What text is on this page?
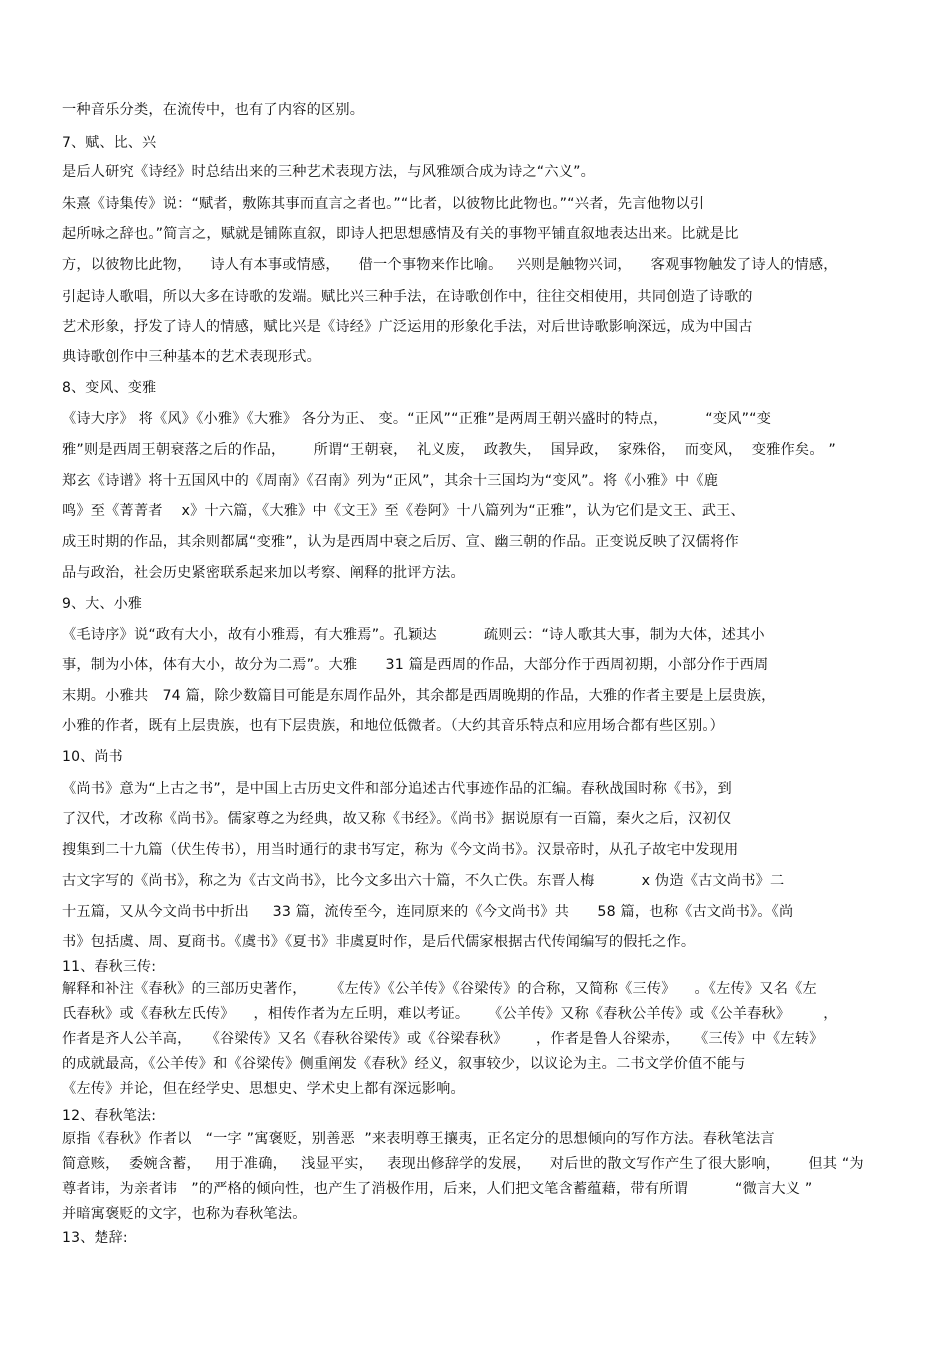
一种音乐分类，在流传中，也有了内容的区别。
7、赋、比、兴
是后人研究《诗经》时总结出来的三种艺术表现方法，与风雅颂合成为诗之“六义”。
朱熹《诗集传》说：“赋者，敷陈其事而直言之者也。”“比者，以彼物比此物也。”“兴者，先言他物以引
起所咏之辞也。”简言之，赋就是铺陈直叙，即诗人把思想感情及有关的事物平铺直叙地表达出来。比就是比
方，以彼物比此物，    诗人有本事或情感，    借一个事物来作比喻。   兴则是触物兴词，    客观事物触发了诗人的情感，
引起诗人歌唱，所以大多在诗歌的发端。赋比兴三种手法，在诗歌创作中，往往交相使用，共同创造了诗歌的
艺术形象，抒发了诗人的情感，赋比兴是《诗经》广泛运用的形象化手法，对后世诗歌影响深远，成为中国古
典诗歌创作中三种基本的艺术表现形式。
8、变风、变雅
《诗大序》 将《风》《小雅》《大雅》 各分为正、 变。“正风”“正雅”是两周王朝兴盛时的特点，        “变风”“变
雅”则是西周王朝衰落之后的作品，      所谓“王朝衰，  礼义废，  政教失，  国异政，  家殊俗，  而变风，  变雅作矣。 ”
郑玄《诗谱》将十五国风中的《周南》《召南》列为“正风”，其余十三国均为“变风”。将《小雅》中《鹿
鸣》至《菁菁者    x》十六篇，《大雅》中《文王》至《卷阿》十八篇列为“正雅”，认为它们是文王、武王、
成王时期的作品，其余则都属“变雅”，认为是西周中衰之后厉、宣、幽三朝的作品。正变说反映了汉儒将作
品与政治，社会历史紧密联系起来加以考察、阐释的批评方法。
9、大、小雅
《毛诗序》说“政有大小，故有小雅焉，有大雅焉”。孔颖达          疏则云：“诗人歌其大事，制为大体，述其小
事，制为小体，体有大小，故分为二焉”。大雅      31 篇是西周的作品，大部分作于西周初期，小部分作于西周
末期。小雅共   74 篇，除少数篇目可能是东周作品外，其余都是西周晚期的作品，大雅的作者主要是上层贵族，
小雅的作者，既有上层贵族，也有下层贵族，和地位低微者。（大约其音乐特点和应用场合都有些区别。）
10、尚书
《尚书》意为“上古之书”，是中国上古历史文件和部分追述古代事迹作品的汇编。春秋战国时称《书》，到
了汉代，才改称《尚书》。儒家尊之为经典，故又称《书经》。《尚书》据说原有一百篇，秦火之后，汉初仅
搜集到二十九篇（伏生传书），用当时通行的隶书写定，称为《今文尚书》。汉景帝时，从孔子故宅中发现用
古文字写的《尚书》，称之为《古文尚书》，比今文多出六十篇，不久亡佚。东晋人梅          x 伪造《古文尚书》二
十五篇，又从今文尚书中折出     33 篇，流传至今，连同原来的《今文尚书》共      58 篇，也称《古文尚书》。《尚
书》包括虞、周、夏商书。《虞书》《夏书》非虞夏时作，是后代儒家根据古代传闻编写的假托之作。
11、春秋三传:
解释和补注《春秋》的三部历史著作，     《左传》《公羊传》《谷梁传》的合称，又简称《三传》    。《左传》又名《左
氏春秋》或《春秋左氏传》    ，相传作者为左丘明，难以考证。    《公羊传》又称《春秋公羊传》或《公羊春秋》       ，
作者是齐人公羊高，   《谷梁传》又名《春秋谷梁传》或《谷梁春秋》      ，作者是鲁人谷梁赤，   《三传》中《左转》
的成就最高，《公羊传》和《谷梁传》侧重阐发《春秋》经义，叙事较少，以议论为主。二书文学价值不能与
《左传》并论，但在经学史、思想史、学术史上都有深远影响。
12、春秋笔法:
原指《春秋》作者以   “一字 ”寓褒贬，别善恶  ”来表明尊王攘夷，正名定分的思想倾向的写作方法。春秋笔法言
简意赅，  委婉含蓄，   用于准确，   浅显平实，   表现出修辞学的发展，    对后世的散文写作产生了很大影响，      但其 “为
尊者讳，为亲者讳   ”的严格的倾向性，也产生了消极作用，后来，人们把文笔含蓄蕴藉，带有所谓          “微言大义 ”
并暗寓褒贬的文字，也称为春秋笔法。
13、楚辞:
